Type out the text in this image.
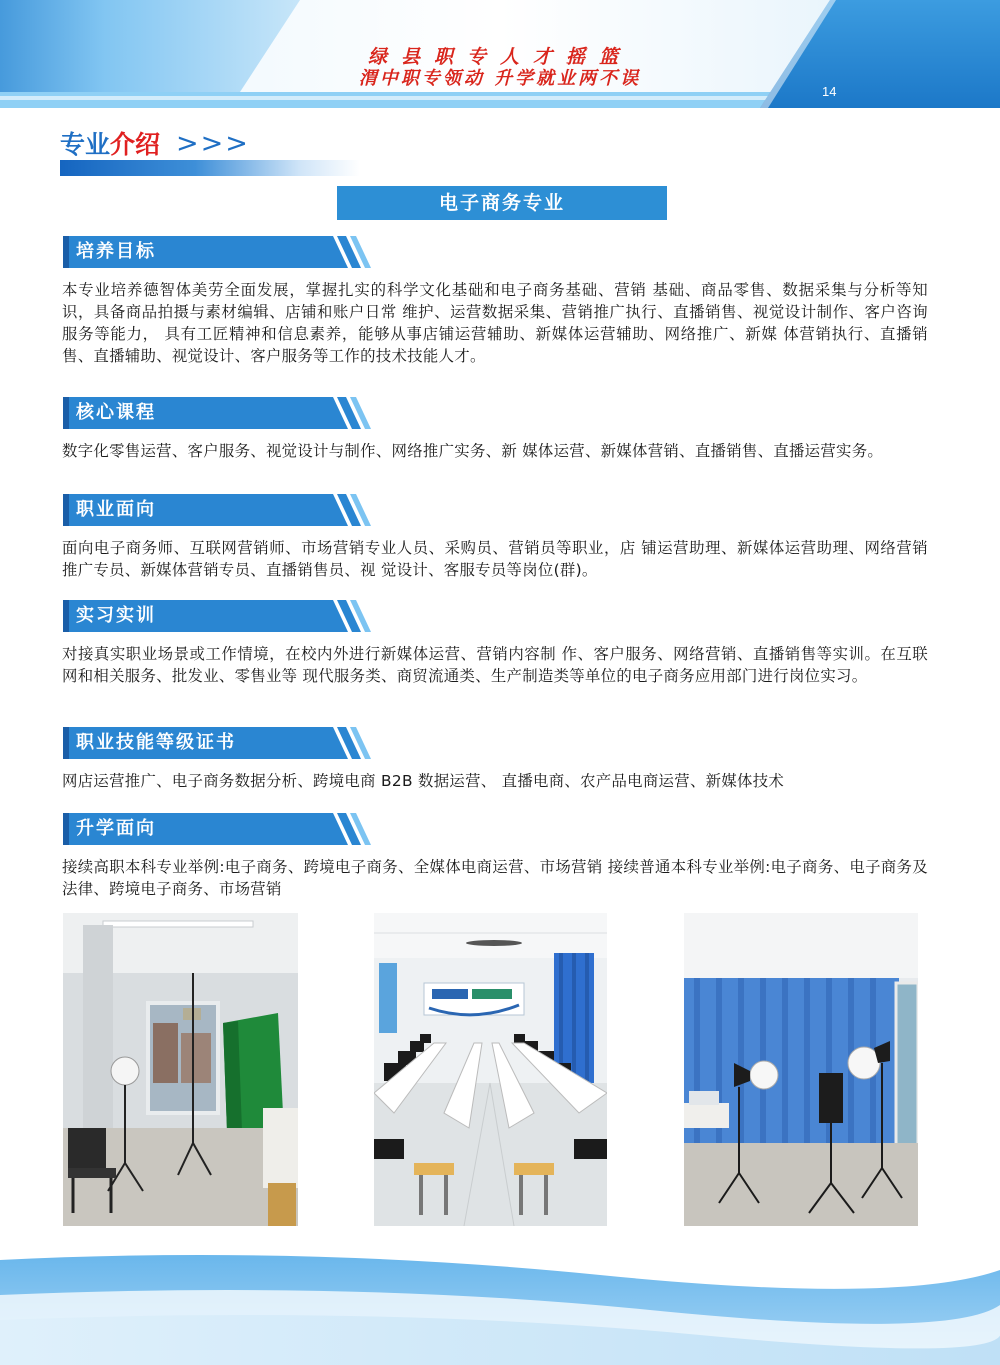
绿县职专人才摇篮
渭中职专领动 升学就业两不误
14
专业 介绍 >>>
电子商务专业
培养目标
本专业培养德智体美劳全面发展，掌握扎实的科学文化基础和电子商务基础、营销 基础、商品零售、数据采集与分析等知识，具备商品拍摄与素材编辑、店铺和账户日常 维护、运营数据采集、营销推广执行、直播销售、视觉设计制作、客户咨询服务等能力， 具有工匠精神和信息素养，能够从事店铺运营辅助、新媒体运营辅助、网络推广、新媒 体营销执行、直播销售、直播辅助、视觉设计、客户服务等工作的技术技能人才。
核心课程
数字化零售运营、客户服务、视觉设计与制作、网络推广实务、新 媒体运营、新媒体营销、直播销售、直播运营实务。
职业面向
面向电子商务师、互联网营销师、市场营销专业人员、采购员、营销员等职业，店 铺运营助理、新媒体运营助理、网络营销推广专员、新媒体营销专员、直播销售员、视 觉设计、客服专员等岗位(群)。
实习实训
对接真实职业场景或工作情境，在校内外进行新媒体运营、营销内容制 作、客户服务、网络营销、直播销售等实训。在互联网和相关服务、批发业、零售业等 现代服务类、商贸流通类、生产制造类等单位的电子商务应用部门进行岗位实习。
职业技能等级证书
网店运营推广、电子商务数据分析、跨境电商 B2B 数据运营、 直播电商、农产品电商运营、新媒体技术
升学面向
接续高职本科专业举例:电子商务、跨境电子商务、全媒体电商运营、市场营销 接续普通本科专业举例:电子商务、电子商务及法律、跨境电子商务、市场营销
